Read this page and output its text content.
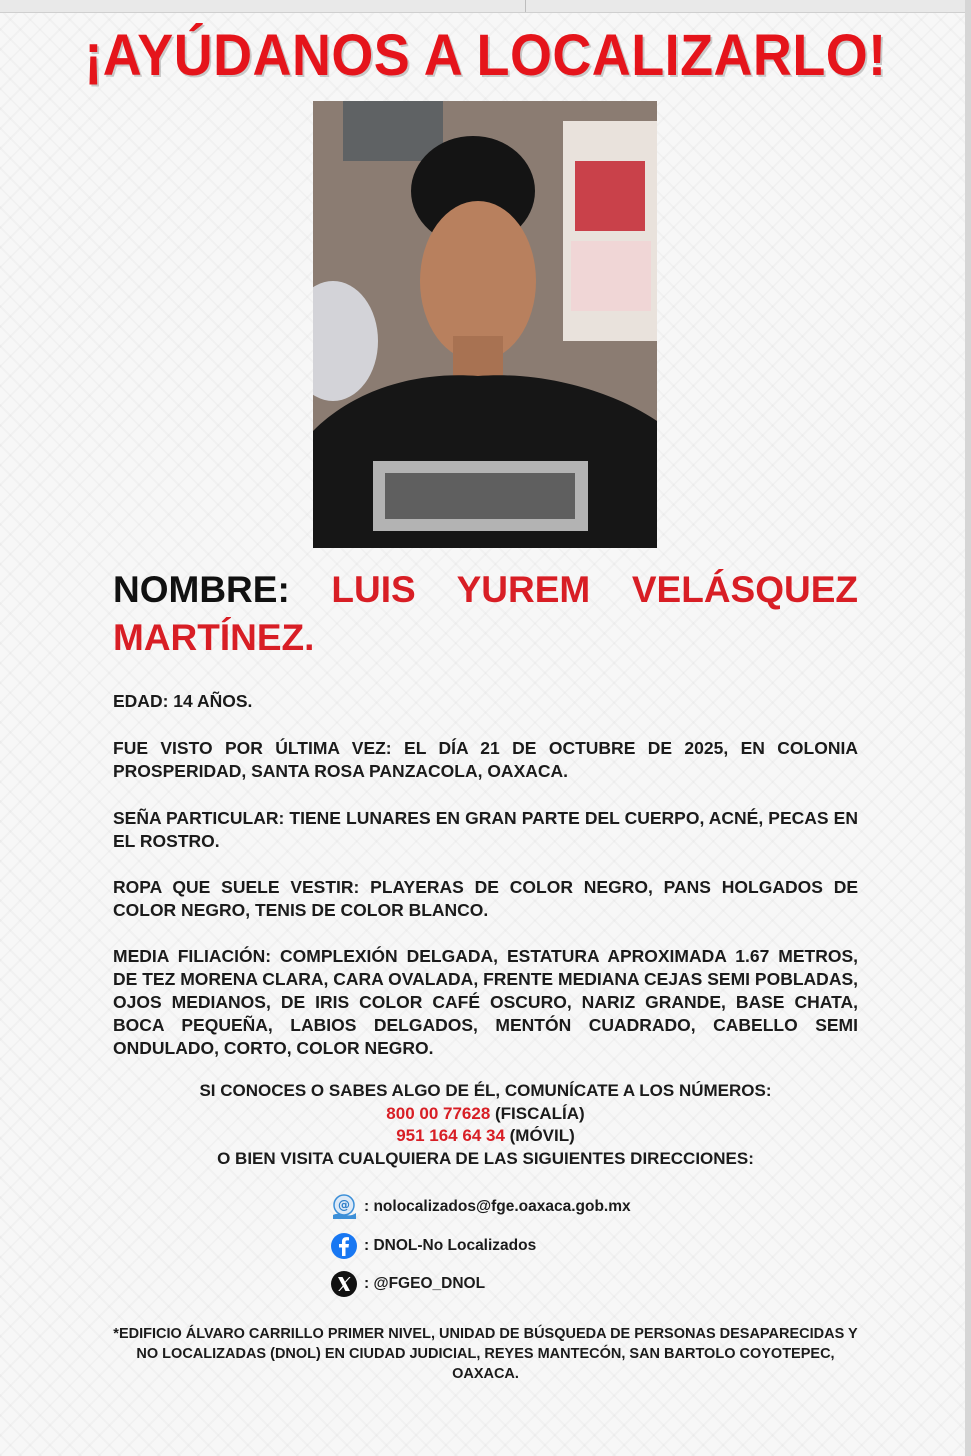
¡AYÚDANOS A LOCALIZARLO!
NOMBRE: LUIS YUREM VELÁSQUEZ
MARTÍNEZ.
EDAD: 14 AÑOS.
FUE VISTO POR ÚLTIMA VEZ: EL DÍA 21 DE OCTUBRE DE 2025, EN COLONIA PROSPERIDAD, SANTA ROSA PANZACOLA, OAXACA.
SEÑA PARTICULAR: TIENE LUNARES EN GRAN PARTE DEL CUERPO, ACNÉ, PECAS EN EL ROSTRO.
ROPA QUE SUELE VESTIR: PLAYERAS DE COLOR NEGRO, PANS HOLGADOS DE COLOR NEGRO, TENIS DE COLOR BLANCO.
MEDIA FILIACIÓN: COMPLEXIÓN DELGADA, ESTATURA APROXIMADA 1.67 METROS, DE TEZ MORENA CLARA, CARA OVALADA, FRENTE MEDIANA CEJAS SEMI POBLADAS, OJOS MEDIANOS, DE IRIS COLOR CAFÉ OSCURO, NARIZ GRANDE, BASE CHATA, BOCA PEQUEÑA, LABIOS DELGADOS, MENTÓN CUADRADO, CABELLO SEMI ONDULADO, CORTO, COLOR NEGRO.
SI CONOCES O SABES ALGO DE ÉL, COMUNÍCATE A LOS NÚMEROS:
800 00 77628 (FISCALÍA)
951 164 64 34 (MÓVIL)
O BIEN VISITA CUALQUIERA DE LAS SIGUIENTES DIRECCIONES:
@ : nolocalizados@fge.oaxaca.gob.mx
: DNOL-No Localizados
: @FGEO_DNOL
*EDIFICIO ÁLVARO CARRILLO PRIMER NIVEL, UNIDAD DE BÚSQUEDA DE PERSONAS DESAPARECIDAS Y NO LOCALIZADAS (DNOL) EN CIUDAD JUDICIAL, REYES MANTECÓN, SAN BARTOLO COYOTEPEC, OAXACA.
